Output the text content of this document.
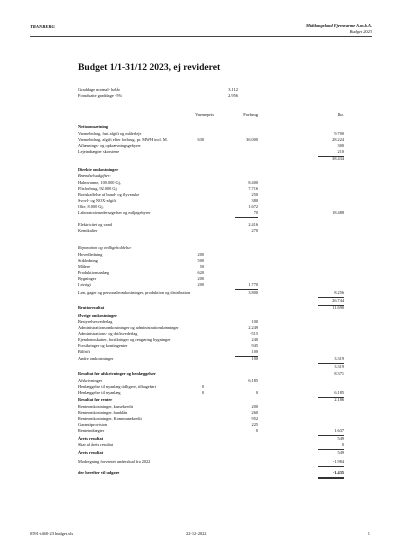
TRANBERG	Midtlangeland Fjernvarme A.m.b.A.
Budget 2023
Budget 1/1-31/12 2023, ej revideret
Graddage normal- helår	3.112
Forudsatte graddage -5%	2.956
Varmepris	Forbrug	Ikr.
Nettoomsætning
Varmebidrag, fast afgift og målerleje	9.700
Varmebidrag, afgift efter forbrug, pr. MWH incl. M.	630	36.000	28.224
Aflæsnings- og opkrævningsgebyrer	300
Lejeindtægter skorstene	210
38.434
Direkte omkostninger
Brændselsudgifter:
Halmvarme, 100.000 Gj,	8.400
Flisforbrug, 92.000 Gj	7.716
Bortskaffelse af bund- og flyveaske	250
Svovl- og NOX-afgift	380
Olie, 8.000 Gj,	1.672
Laboratorieundersøgelser og miljøgebyrer	70	18.488
Elektricitet og vand	2.416
Kemikalier	270
Reparation og vedligeholdelse:
Hovedledning	200
Stikledning	500
Målere	50
Produktionsanlæg	620
Bygninger	200
I øvrigt	200	1.770
Løn, gager og personaleomkostninger, produktion og distribution	3.800	8.256
26.744
Bruttoresultat	11.690
Øvrige omkostninger
Bestyrelsesvederlag	100
Administrationsomkostninger og administrationslønninger	2.249
Administrations- og driftsvederlag	-515
Ejendomsskatter, forsikringer og rengøring bygninger	240
Forsikringer og kontingenter	945
Bilfrift	100
Andre omkostninger	100	3.319
3.319
Resultat før afskrivninger og henlæggelser	8.371
Afskrivninger	6.185
Henlæggelse til nyanlæg tidligere, tilbageført	0
Henlæggelse til nyanlæg	0	0	6.185
Resultat før renter	2.186
Renteomkostninger, kassekredit	200
Renteomkostninger, banklån	260
Renteomkostninger, Kommunekredit	952
Garantiprovision	225
Renteindtægter	0	1.637
Årets resultat	549
Skat af årets resultat	0
Årets resultat	549
Modregning forventet underskud fra 2022	-1.984
der herefter vil udgøre	-1.435
0591-t460-23 budget.xls	22-12-2022	1
